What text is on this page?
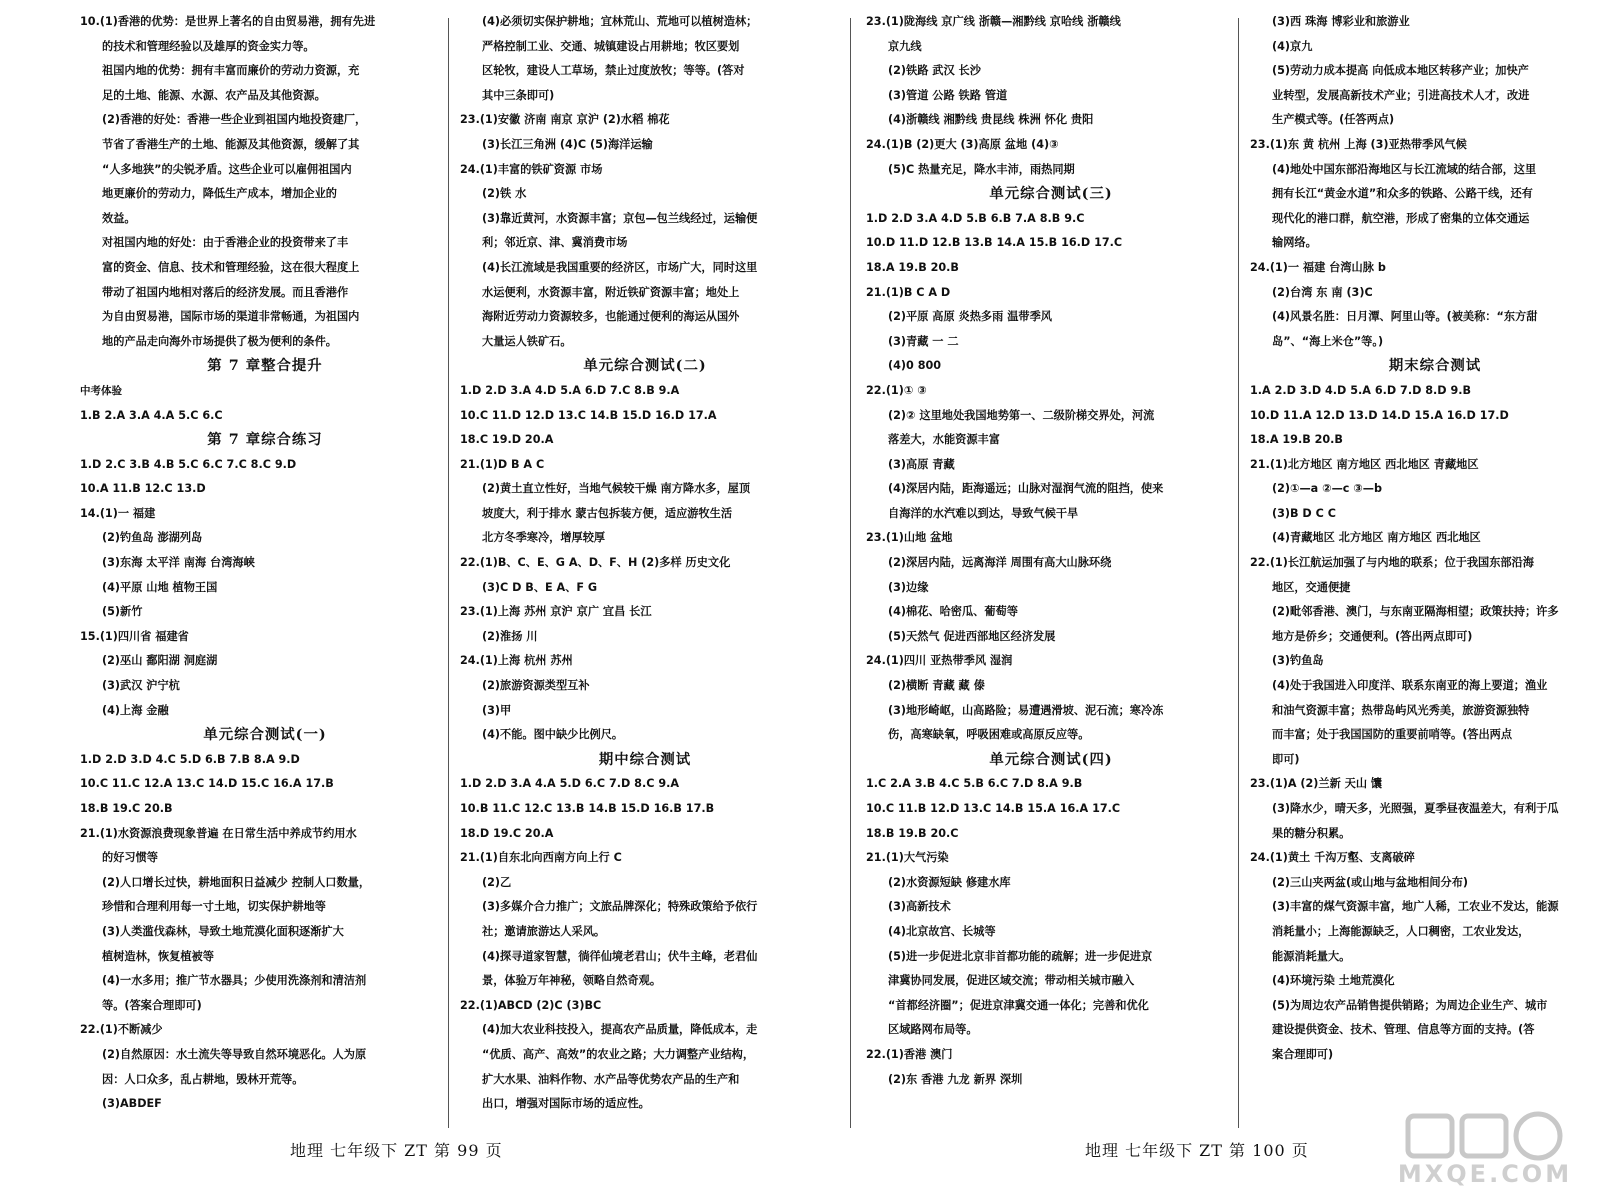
10.(1)香港的优势：是世界上著名的自由贸易港，拥有先进
的技术和管理经验以及雄厚的资金实力等。
祖国内地的优势：拥有丰富而廉价的劳动力资源，充
足的土地、能源、水源、农产品及其他资源。
(2)香港的好处：香港一些企业到祖国内地投资建厂，
节省了香港生产的土地、能源及其他资源，缓解了其
“人多地狭”的尖锐矛盾。这些企业可以雇佣祖国内
地更廉价的劳动力，降低生产成本，增加企业的
效益。
对祖国内地的好处：由于香港企业的投资带来了丰
富的资金、信息、技术和管理经验，这在很大程度上
带动了祖国内地相对落后的经济发展。而且香港作
为自由贸易港，国际市场的渠道非常畅通，为祖国内
地的产品走向海外市场提供了极为便利的条件。
第 7 章整合提升
中考体验
1.B 2.A 3.A 4.A 5.C 6.C
第 7 章综合练习
1.D 2.C 3.B 4.B 5.C 6.C 7.C 8.C 9.D
10.A 11.B 12.C 13.D
14.(1)一 福建
(2)钓鱼岛 澎湖列岛
(3)东海 太平洋 南海 台湾海峡
(4)平原 山地 植物王国
(5)新竹
15.(1)四川省 福建省
(2)巫山 鄱阳湖 洞庭湖
(3)武汉 沪宁杭
(4)上海 金融
单元综合测试(一)
1.D 2.D 3.D 4.C 5.D 6.B 7.B 8.A 9.D
10.C 11.C 12.A 13.C 14.D 15.C 16.A 17.B
18.B 19.C 20.B
21.(1)水资源浪费现象普遍 在日常生活中养成节约用水
的好习惯等
(2)人口增长过快，耕地面积日益减少 控制人口数量，
珍惜和合理利用每一寸土地，切实保护耕地等
(3)人类滥伐森林，导致土地荒漠化面积逐渐扩大
植树造林，恢复植被等
(4)一水多用；推广节水器具；少使用洗涤剂和清洁剂
等。(答案合理即可)
22.(1)不断减少
(2)自然原因：水土流失等导致自然环境恶化。人为原
因：人口众多，乱占耕地，毁林开荒等。
(3)ABDEF
(4)必须切实保护耕地；宜林荒山、荒地可以植树造林；
严格控制工业、交通、城镇建设占用耕地；牧区要划
区轮牧，建设人工草场，禁止过度放牧；等等。(答对
其中三条即可)
23.(1)安徽 济南 南京 京沪 (2)水稻 棉花
(3)长江三角洲 (4)C (5)海洋运输
24.(1)丰富的铁矿资源 市场
(2)铁 水
(3)靠近黄河，水资源丰富；京包—包兰线经过，运输便
利；邻近京、津、冀消费市场
(4)长江流域是我国重要的经济区，市场广大，同时这里
水运便利，水资源丰富，附近铁矿资源丰富；地处上
海附近劳动力资源较多，也能通过便利的海运从国外
大量运人铁矿石。
单元综合测试(二)
1.D 2.D 3.A 4.D 5.A 6.D 7.C 8.B 9.A
10.C 11.D 12.D 13.C 14.B 15.D 16.D 17.A
18.C 19.D 20.A
21.(1)D B A C
(2)黄土直立性好，当地气候较干燥 南方降水多，屋顶
坡度大，利于排水 蒙古包拆装方便，适应游牧生活
北方冬季寒冷，增厚较厚
22.(1)B、C、E、G A、D、F、H (2)多样 历史文化
(3)C D B、E A、F G
23.(1)上海 苏州 京沪 京广 宜昌 长江
(2)淮扬 川
24.(1)上海 杭州 苏州
(2)旅游资源类型互补
(3)甲
(4)不能。图中缺少比例尺。
期中综合测试
1.D 2.D 3.A 4.A 5.D 6.C 7.D 8.C 9.A
10.B 11.C 12.C 13.B 14.B 15.D 16.B 17.B
18.D 19.C 20.A
21.(1)自东北向西南方向上行 C
(2)乙
(3)多媒介合力推广；文旅品牌深化；特殊政策给予依行
社；邀请旅游达人采风。
(4)探寻道家智慧，徜徉仙境老君山；伏牛主峰，老君仙
景，体验万年神秘，领略自然奇观。
22.(1)ABCD (2)C (3)BC
(4)加大农业科技投入，提高农产品质量，降低成本，走
“优质、高产、高效”的农业之路；大力调整产业结构，
扩大水果、油料作物、水产品等优势农产品的生产和
出口，增强对国际市场的适应性。
23.(1)陇海线 京广线 浙赣—湘黔线 京哈线 浙赣线
京九线
(2)铁路 武汉 长沙
(3)管道 公路 铁路 管道
(4)浙赣线 湘黔线 贵昆线 株洲 怀化 贵阳
24.(1)B (2)更大 (3)高原 盆地 (4)③
(5)C 热量充足，降水丰沛，雨热同期
单元综合测试(三)
1.D 2.D 3.A 4.D 5.B 6.B 7.A 8.B 9.C
10.D 11.D 12.B 13.B 14.A 15.B 16.D 17.C
18.A 19.B 20.B
21.(1)B C A D
(2)平原 高原 炎热多雨 温带季风
(3)青藏 一 二
(4)0 800
22.(1)① ③
(2)② 这里地处我国地势第一、二级阶梯交界处，河流
落差大，水能资源丰富
(3)高原 青藏
(4)深居内陆，距海遥远；山脉对湿润气流的阻挡，使来
自海洋的水汽难以到达，导致气候干旱
23.(1)山地 盆地
(2)深居内陆，远离海洋 周围有高大山脉环绕
(3)边缘
(4)棉花、哈密瓜、葡萄等
(5)天然气 促进西部地区经济发展
24.(1)四川 亚热带季风 湿润
(2)横断 青藏 藏 傣
(3)地形崎岖，山高路险；易遭遇滑坡、泥石流；寒冷冻
伤，高寒缺氧，呼吸困难或高原反应等。
单元综合测试(四)
1.C 2.A 3.B 4.C 5.B 6.C 7.D 8.A 9.B
10.C 11.B 12.D 13.C 14.B 15.A 16.A 17.C
18.B 19.B 20.C
21.(1)大气污染
(2)水资源短缺 修建水库
(3)高新技术
(4)北京故宫、长城等
(5)进一步促进北京非首都功能的疏解；进一步促进京
津冀协同发展，促进区域交流；带动相关城市融入
“首都经济圈”；促进京津冀交通一体化；完善和优化
区域路网布局等。
22.(1)香港 澳门
(2)东 香港 九龙 新界 深圳
(3)西 珠海 博彩业和旅游业
(4)京九
(5)劳动力成本提高 向低成本地区转移产业；加快产
业转型，发展高新技术产业；引进高技术人才，改进
生产模式等。(任答两点)
23.(1)东 黄 杭州 上海 (3)亚热带季风气候
(4)地处中国东部沿海地区与长江流域的结合部，这里
拥有长江“黄金水道”和众多的铁路、公路干线，还有
现代化的港口群，航空港，形成了密集的立体交通运
输网络。
24.(1)一 福建 台湾山脉 b
(2)台湾 东 南 (3)C
(4)风景名胜：日月潭、阿里山等。(被美称：“东方甜
岛”、“海上米仓”等。)
期末综合测试
1.A 2.D 3.D 4.D 5.A 6.D 7.D 8.D 9.B
10.D 11.A 12.D 13.D 14.D 15.A 16.D 17.D
18.A 19.B 20.B
21.(1)北方地区 南方地区 西北地区 青藏地区
(2)①—a ②—c ③—b
(3)B D C C
(4)青藏地区 北方地区 南方地区 西北地区
22.(1)长江航运加强了与内地的联系；位于我国东部沿海
地区，交通便捷
(2)毗邻香港、澳门，与东南亚隔海相望；政策扶持；许多
地方是侨乡；交通便利。(答出两点即可)
(3)钓鱼岛
(4)处于我国进入印度洋、联系东南亚的海上要道；渔业
和油气资源丰富；热带岛屿风光秀美，旅游资源独特
而丰富；处于我国国防的重要前哨等。(答出两点
即可)
23.(1)A (2)兰新 天山 馕
(3)降水少，晴天多，光照强，夏季昼夜温差大，有利于瓜
果的糖分积累。
24.(1)黄土 千沟万壑、支离破碎
(2)三山夹两盆(或山地与盆地相间分布)
(3)丰富的煤气资源丰富，地广人稀，工农业不发达，能源
消耗量小；上海能源缺乏，人口稠密，工农业发达，
能源消耗量大。
(4)环境污染 土地荒漠化
(5)为周边农产品销售提供销路；为周边企业生产、城市
建设提供资金、技术、管理、信息等方面的支持。(答
案合理即可)
地理 七年级下 ZT 第 99 页	地理 七年级下 ZT 第 100 页
MXQE.COM
